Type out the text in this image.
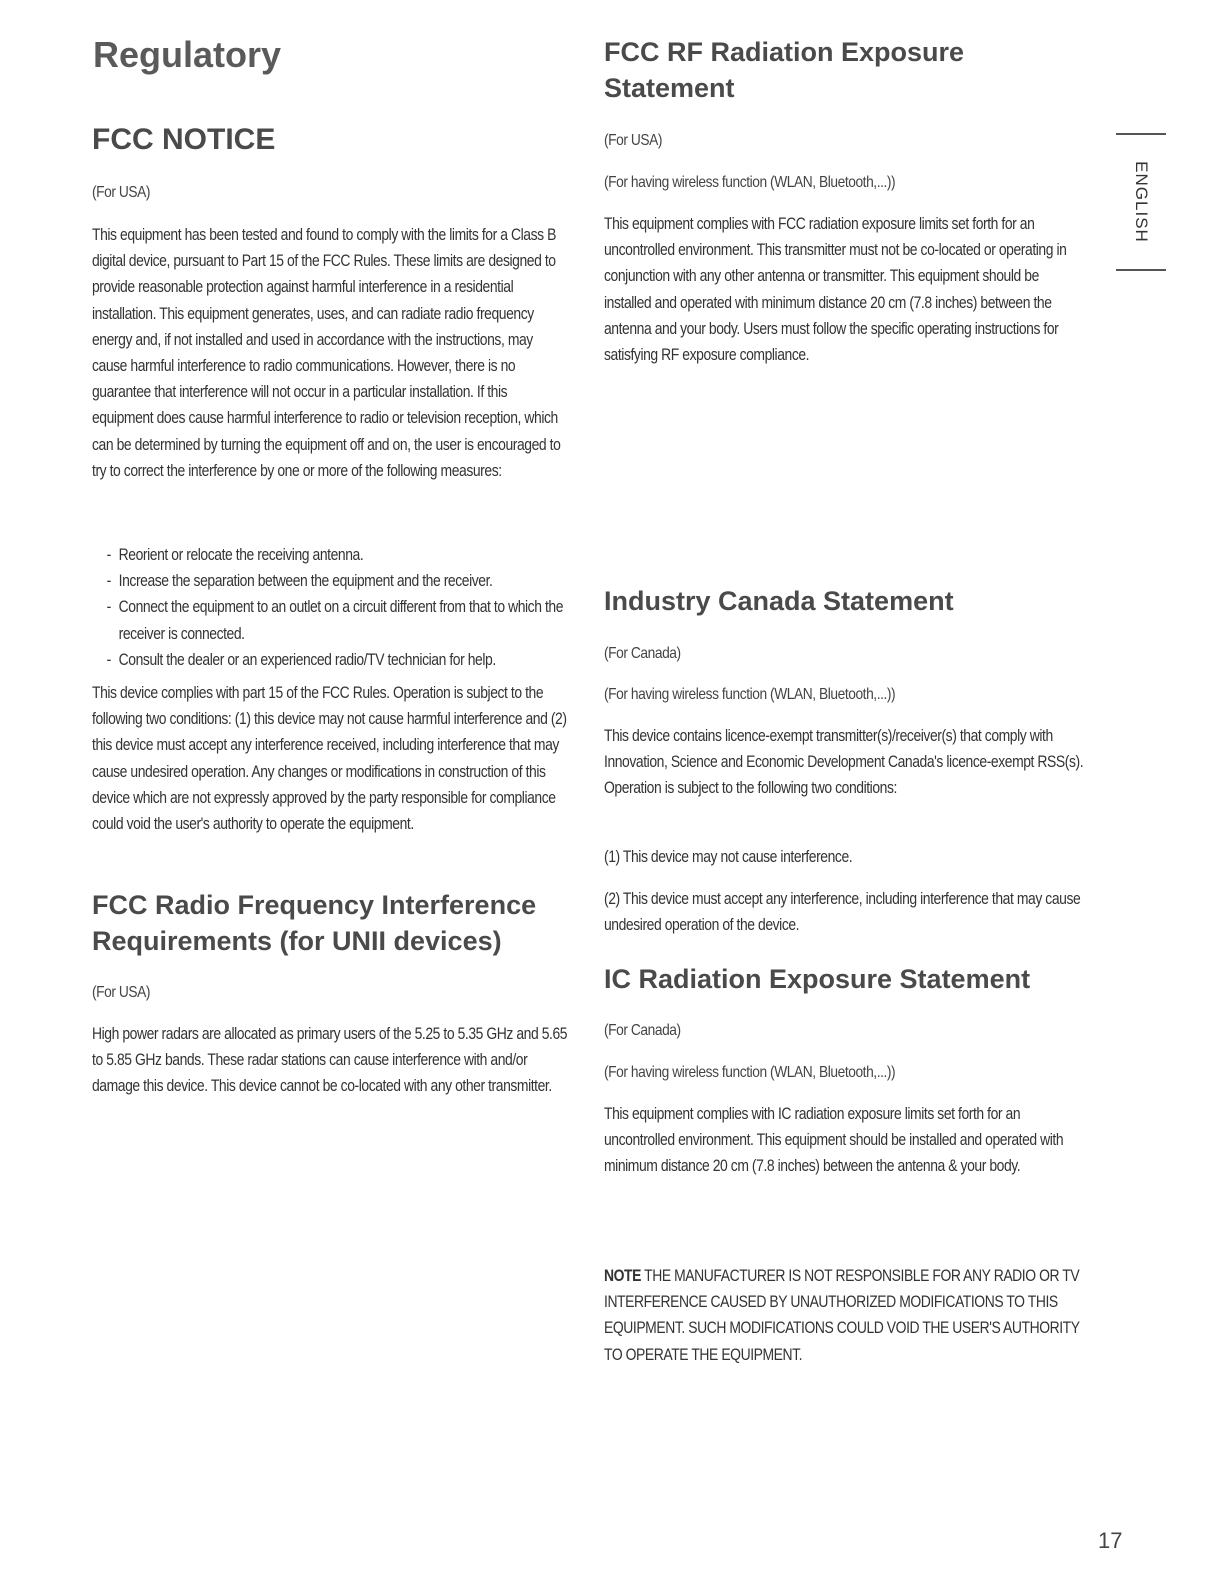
Regulatory
FCC NOTICE
(For USA)
This equipment has been tested and found to comply with the limits for a Class B digital device, pursuant to Part 15 of the FCC Rules. These limits are designed to provide reasonable protection against harmful interference in a residential installation. This equipment generates, uses, and can radiate radio frequency energy and, if not installed and used in accordance with the instructions, may cause harmful interference to radio communications. However, there is no guarantee that interference will not occur in a particular installation. If this equipment does cause harmful interference to radio or television reception, which can be determined by turning the equipment off and on, the user is encouraged to try to correct the interference by one or more of the following measures:
- Reorient or relocate the receiving antenna.
- Increase the separation between the equipment and the receiver.
- Connect the equipment to an outlet on a circuit different from that to which the receiver is connected.
- Consult the dealer or an experienced radio/TV technician for help.
This device complies with part 15 of the FCC Rules. Operation is subject to the following two conditions: (1) this device may not cause harmful interference and (2) this device must accept any interference received, including interference that may cause undesired operation. Any changes or modifications in construction of this device which are not expressly approved by the party responsible for compliance could void the user's authority to operate the equipment.
FCC Radio Frequency Interference Requirements (for UNII devices)
(For USA)
High power radars are allocated as primary users of the 5.25 to 5.35 GHz and 5.65 to 5.85 GHz bands. These radar stations can cause interference with and/or damage this device. This device cannot be co-located with any other transmitter.
FCC RF Radiation Exposure Statement
(For USA)
(For having wireless function (WLAN, Bluetooth,...))
This equipment complies with FCC radiation exposure limits set forth for an uncontrolled environment. This transmitter must not be co-located or operating in conjunction with any other antenna or transmitter. This equipment should be installed and operated with minimum distance 20 cm (7.8 inches) between the antenna and your body. Users must follow the specific operating instructions for satisfying RF exposure compliance.
Industry Canada Statement
(For Canada)
(For having wireless function (WLAN, Bluetooth,...))
This device contains licence-exempt transmitter(s)/receiver(s) that comply with Innovation, Science and Economic Development Canada's licence-exempt RSS(s). Operation is subject to the following two conditions:
(1) This device may not cause interference.
(2) This device must accept any interference, including interference that may cause undesired operation of the device.
IC Radiation Exposure Statement
(For Canada)
(For having wireless function (WLAN, Bluetooth,...))
This equipment complies with IC radiation exposure limits set forth for an uncontrolled environment. This equipment should be installed and operated with minimum distance 20 cm (7.8 inches) between the antenna & your body.
NOTE THE MANUFACTURER IS NOT RESPONSIBLE FOR ANY RADIO OR TV INTERFERENCE CAUSED BY UNAUTHORIZED MODIFICATIONS TO THIS EQUIPMENT. SUCH MODIFICATIONS COULD VOID THE USER'S AUTHORITY TO OPERATE THE EQUIPMENT.
ENGLISH
17
